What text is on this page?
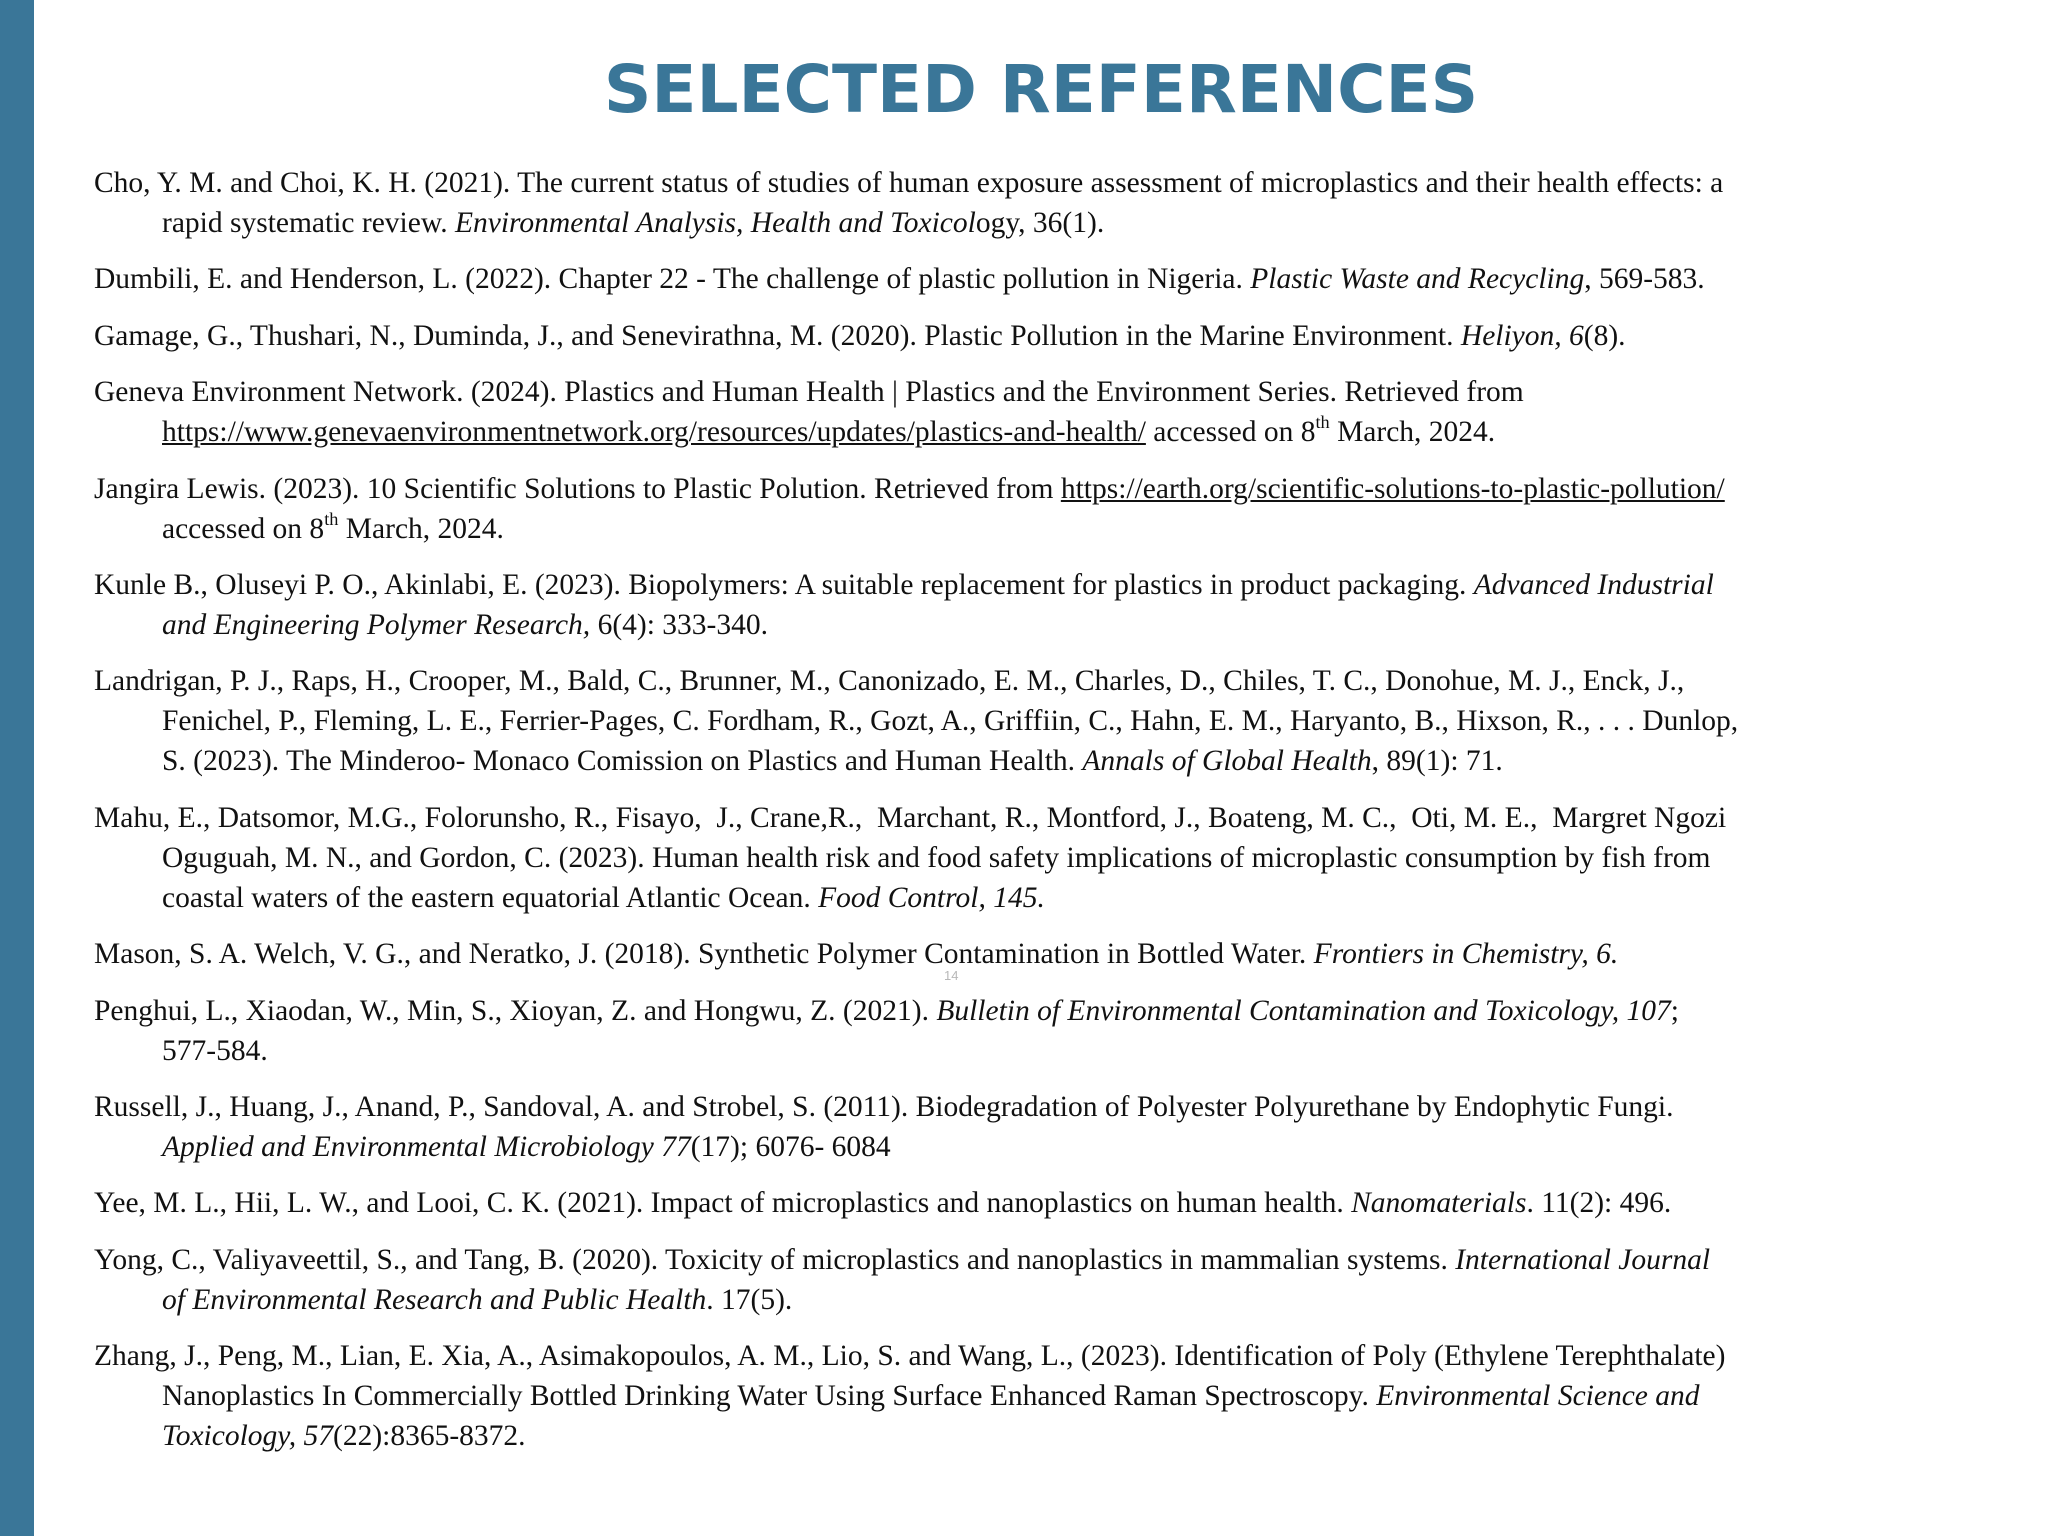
SELECTED REFERENCES

Cho, Y. M. and Choi, K. H. (2021). The current status of studies of human exposure assessment of microplastics and their health effects: a
rapid systematic review. Environmental Analysis, Health and Toxicology, 36(1).

Dumbili, E. and Henderson, L. (2022). Chapter 22 - The challenge of plastic pollution in Nigeria. Plastic Waste and Recycling, 569-583.

Gamage, G., Thushari, N., Duminda, J., and Senevirathna, M. (2020). Plastic Pollution in the Marine Environment. Heliyon, 6(8).

Geneva Environment Network. (2024). Plastics and Human Health | Plastics and the Environment Series. Retrieved from
https://www.genevaenvironmentnetwork.org/resources/updates/plastics-and-health/ accessed on 8th March, 2024.

Jangira Lewis. (2023). 10 Scientific Solutions to Plastic Polution. Retrieved from https://earth.org/scientific-solutions-to-plastic-pollution/
accessed on 8th March, 2024.

Kunle B., Oluseyi P. O., Akinlabi, E. (2023). Biopolymers: A suitable replacement for plastics in product packaging. Advanced Industrial
and Engineering Polymer Research, 6(4): 333-340.

Landrigan, P. J., Raps, H., Crooper, M., Bald, C., Brunner, M., Canonizado, E. M., Charles, D., Chiles, T. C., Donohue, M. J., Enck, J.,
Fenichel, P., Fleming, L. E., Ferrier-Pages, C. Fordham, R., Gozt, A., Griffiin, C., Hahn, E. M., Haryanto, B., Hixson, R., . . . Dunlop,
S. (2023). The Minderoo- Monaco Comission on Plastics and Human Health. Annals of Global Health, 89(1): 71.

Mahu, E., Datsomor, M.G., Folorunsho, R., Fisayo,  J., Crane,R.,  Marchant, R., Montford, J., Boateng, M. C.,  Oti, M. E.,  Margret Ngozi
Oguguah, M. N., and Gordon, C. (2023). Human health risk and food safety implications of microplastic consumption by fish from
coastal waters of the eastern equatorial Atlantic Ocean. Food Control, 145.

Mason, S. A. Welch, V. G., and Neratko, J. (2018). Synthetic Polymer Contamination in Bottled Water. Frontiers in Chemistry, 6.

Penghui, L., Xiaodan, W., Min, S., Xioyan, Z. and Hongwu, Z. (2021). Bulletin of Environmental Contamination and Toxicology, 107;
577-584.

Russell, J., Huang, J., Anand, P., Sandoval, A. and Strobel, S. (2011). Biodegradation of Polyester Polyurethane by Endophytic Fungi.
Applied and Environmental Microbiology 77(17); 6076- 6084

Yee, M. L., Hii, L. W., and Looi, C. K. (2021). Impact of microplastics and nanoplastics on human health. Nanomaterials. 11(2): 496.

Yong, C., Valiyaveettil, S., and Tang, B. (2020). Toxicity of microplastics and nanoplastics in mammalian systems. International Journal
of Environmental Research and Public Health. 17(5).

Zhang, J., Peng, M., Lian, E. Xia, A., Asimakopoulos, A. M., Lio, S. and Wang, L., (2023). Identification of Poly (Ethylene Terephthalate)
Nanoplastics In Commercially Bottled Drinking Water Using Surface Enhanced Raman Spectroscopy. Environmental Science and
Toxicology, 57(22):8365-8372.

14
